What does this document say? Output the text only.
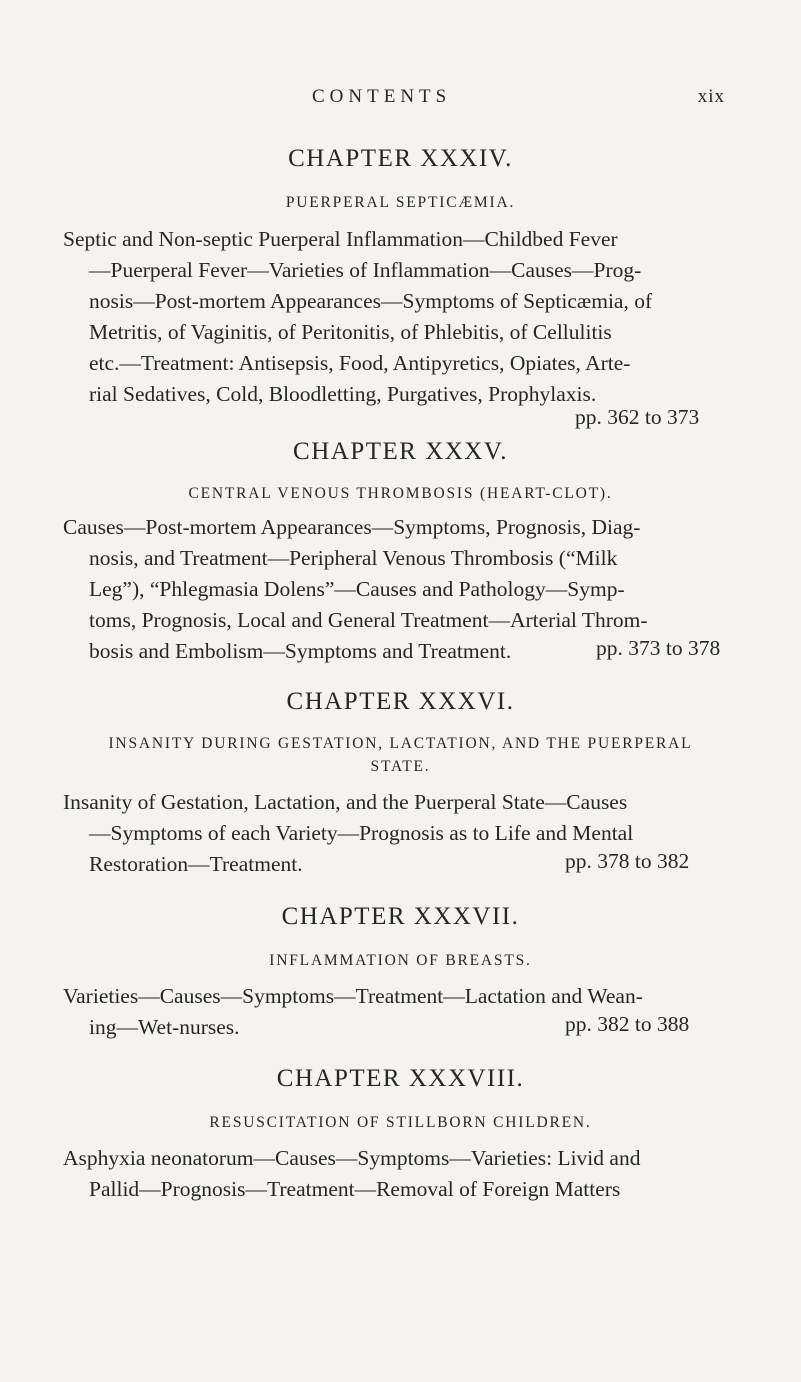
CONTENTS	xix
CHAPTER XXXIV.
PUERPERAL SEPTICÆMIA.
Septic and Non-septic Puerperal Inflammation—Childbed Fever
—Puerperal Fever—Varieties of Inflammation—Causes—Prog-
nosis—Post-mortem Appearances—Symptoms of Septicæmia, of
Metritis, of Vaginitis, of Peritonitis, of Phlebitis, of Cellulitis
etc.—Treatment: Antisepsis, Food, Antipyretics, Opiates, Arte-
rial Sedatives, Cold, Bloodletting, Purgatives, Prophylaxis.
pp. 362 to 373
CHAPTER XXXV.
CENTRAL VENOUS THROMBOSIS (HEART-CLOT).
Causes—Post-mortem Appearances—Symptoms, Prognosis, Diag-
nosis, and Treatment—Peripheral Venous Thrombosis (“Milk
Leg”), “Phlegmasia Dolens”—Causes and Pathology—Symp-
toms, Prognosis, Local and General Treatment—Arterial Throm-
bosis and Embolism—Symptoms and Treatment.	pp. 373 to 378
CHAPTER XXXVI.
INSANITY DURING GESTATION, LACTATION, AND THE PUERPERAL
STATE.
Insanity of Gestation, Lactation, and the Puerperal State—Causes
—Symptoms of each Variety—Prognosis as to Life and Mental
Restoration—Treatment.	pp. 378 to 382
CHAPTER XXXVII.
INFLAMMATION OF BREASTS.
Varieties—Causes—Symptoms—Treatment—Lactation and Wean-
ing—Wet-nurses.	pp. 382 to 388
CHAPTER XXXVIII.
RESUSCITATION OF STILLBORN CHILDREN.
Asphyxia neonatorum—Causes—Symptoms—Varieties: Livid and
Pallid—Prognosis—Treatment—Removal of Foreign Matters
